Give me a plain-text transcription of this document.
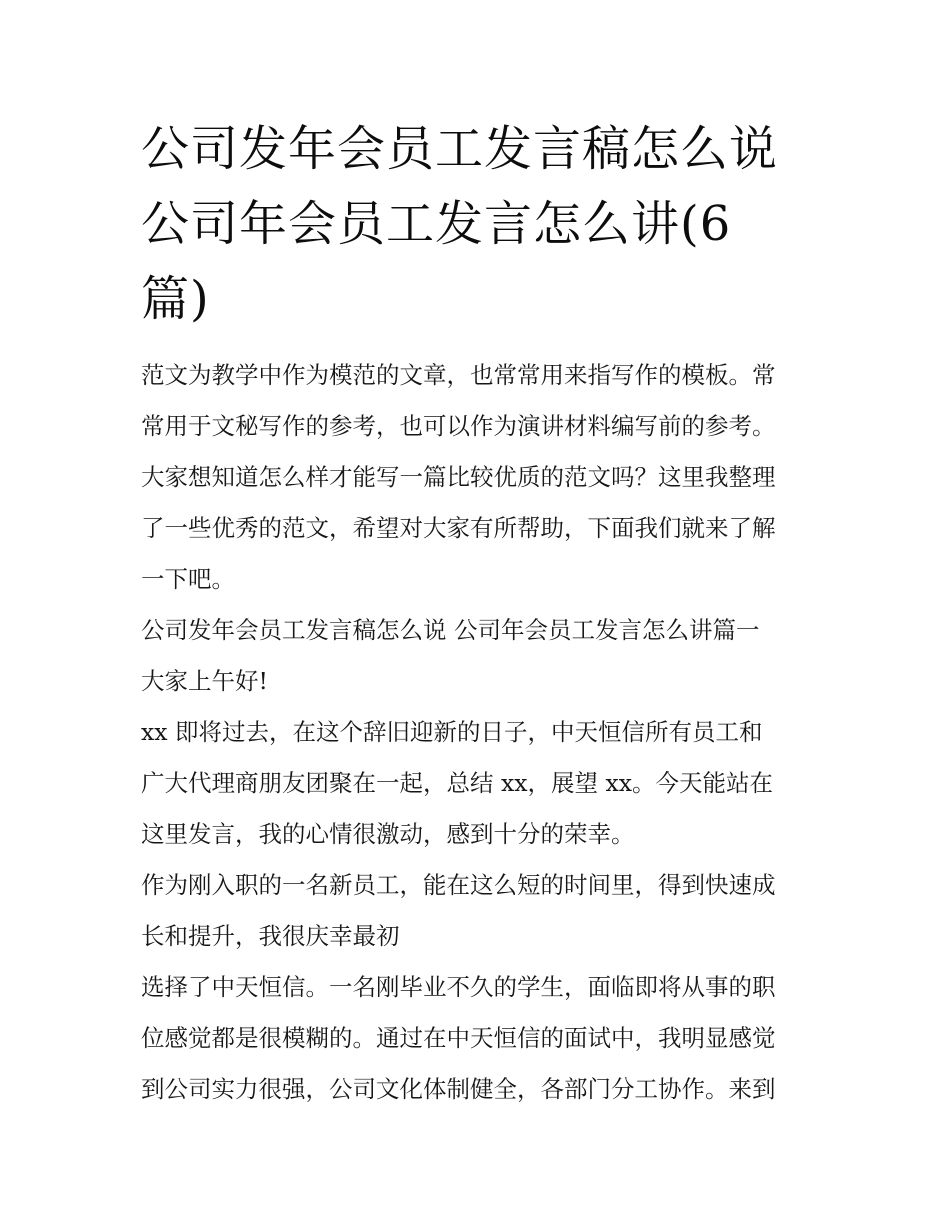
公司发年会员工发言稿怎么说
公司年会员工发言怎么讲(6
篇)

范文为教学中作为模范的文章，也常常用来指写作的模板。常
常用于文秘写作的参考，也可以作为演讲材料编写前的参考。
大家想知道怎么样才能写一篇比较优质的范文吗？这里我整理
了一些优秀的范文，希望对大家有所帮助，下面我们就来了解
一下吧。

公司发年会员工发言稿怎么说 公司年会员工发言怎么讲篇一

大家上午好!

xx 即将过去，在这个辞旧迎新的日子，中天恒信所有员工和
广大代理商朋友团聚在一起，总结 xx，展望 xx。今天能站在
这里发言，我的心情很激动，感到十分的荣幸。

作为刚入职的一名新员工，能在这么短的时间里，得到快速成
长和提升，我很庆幸最初

选择了中天恒信。一名刚毕业不久的学生，面临即将从事的职
位感觉都是很模糊的。通过在中天恒信的面试中，我明显感觉
到公司实力很强，公司文化体制健全，各部门分工协作。来到
